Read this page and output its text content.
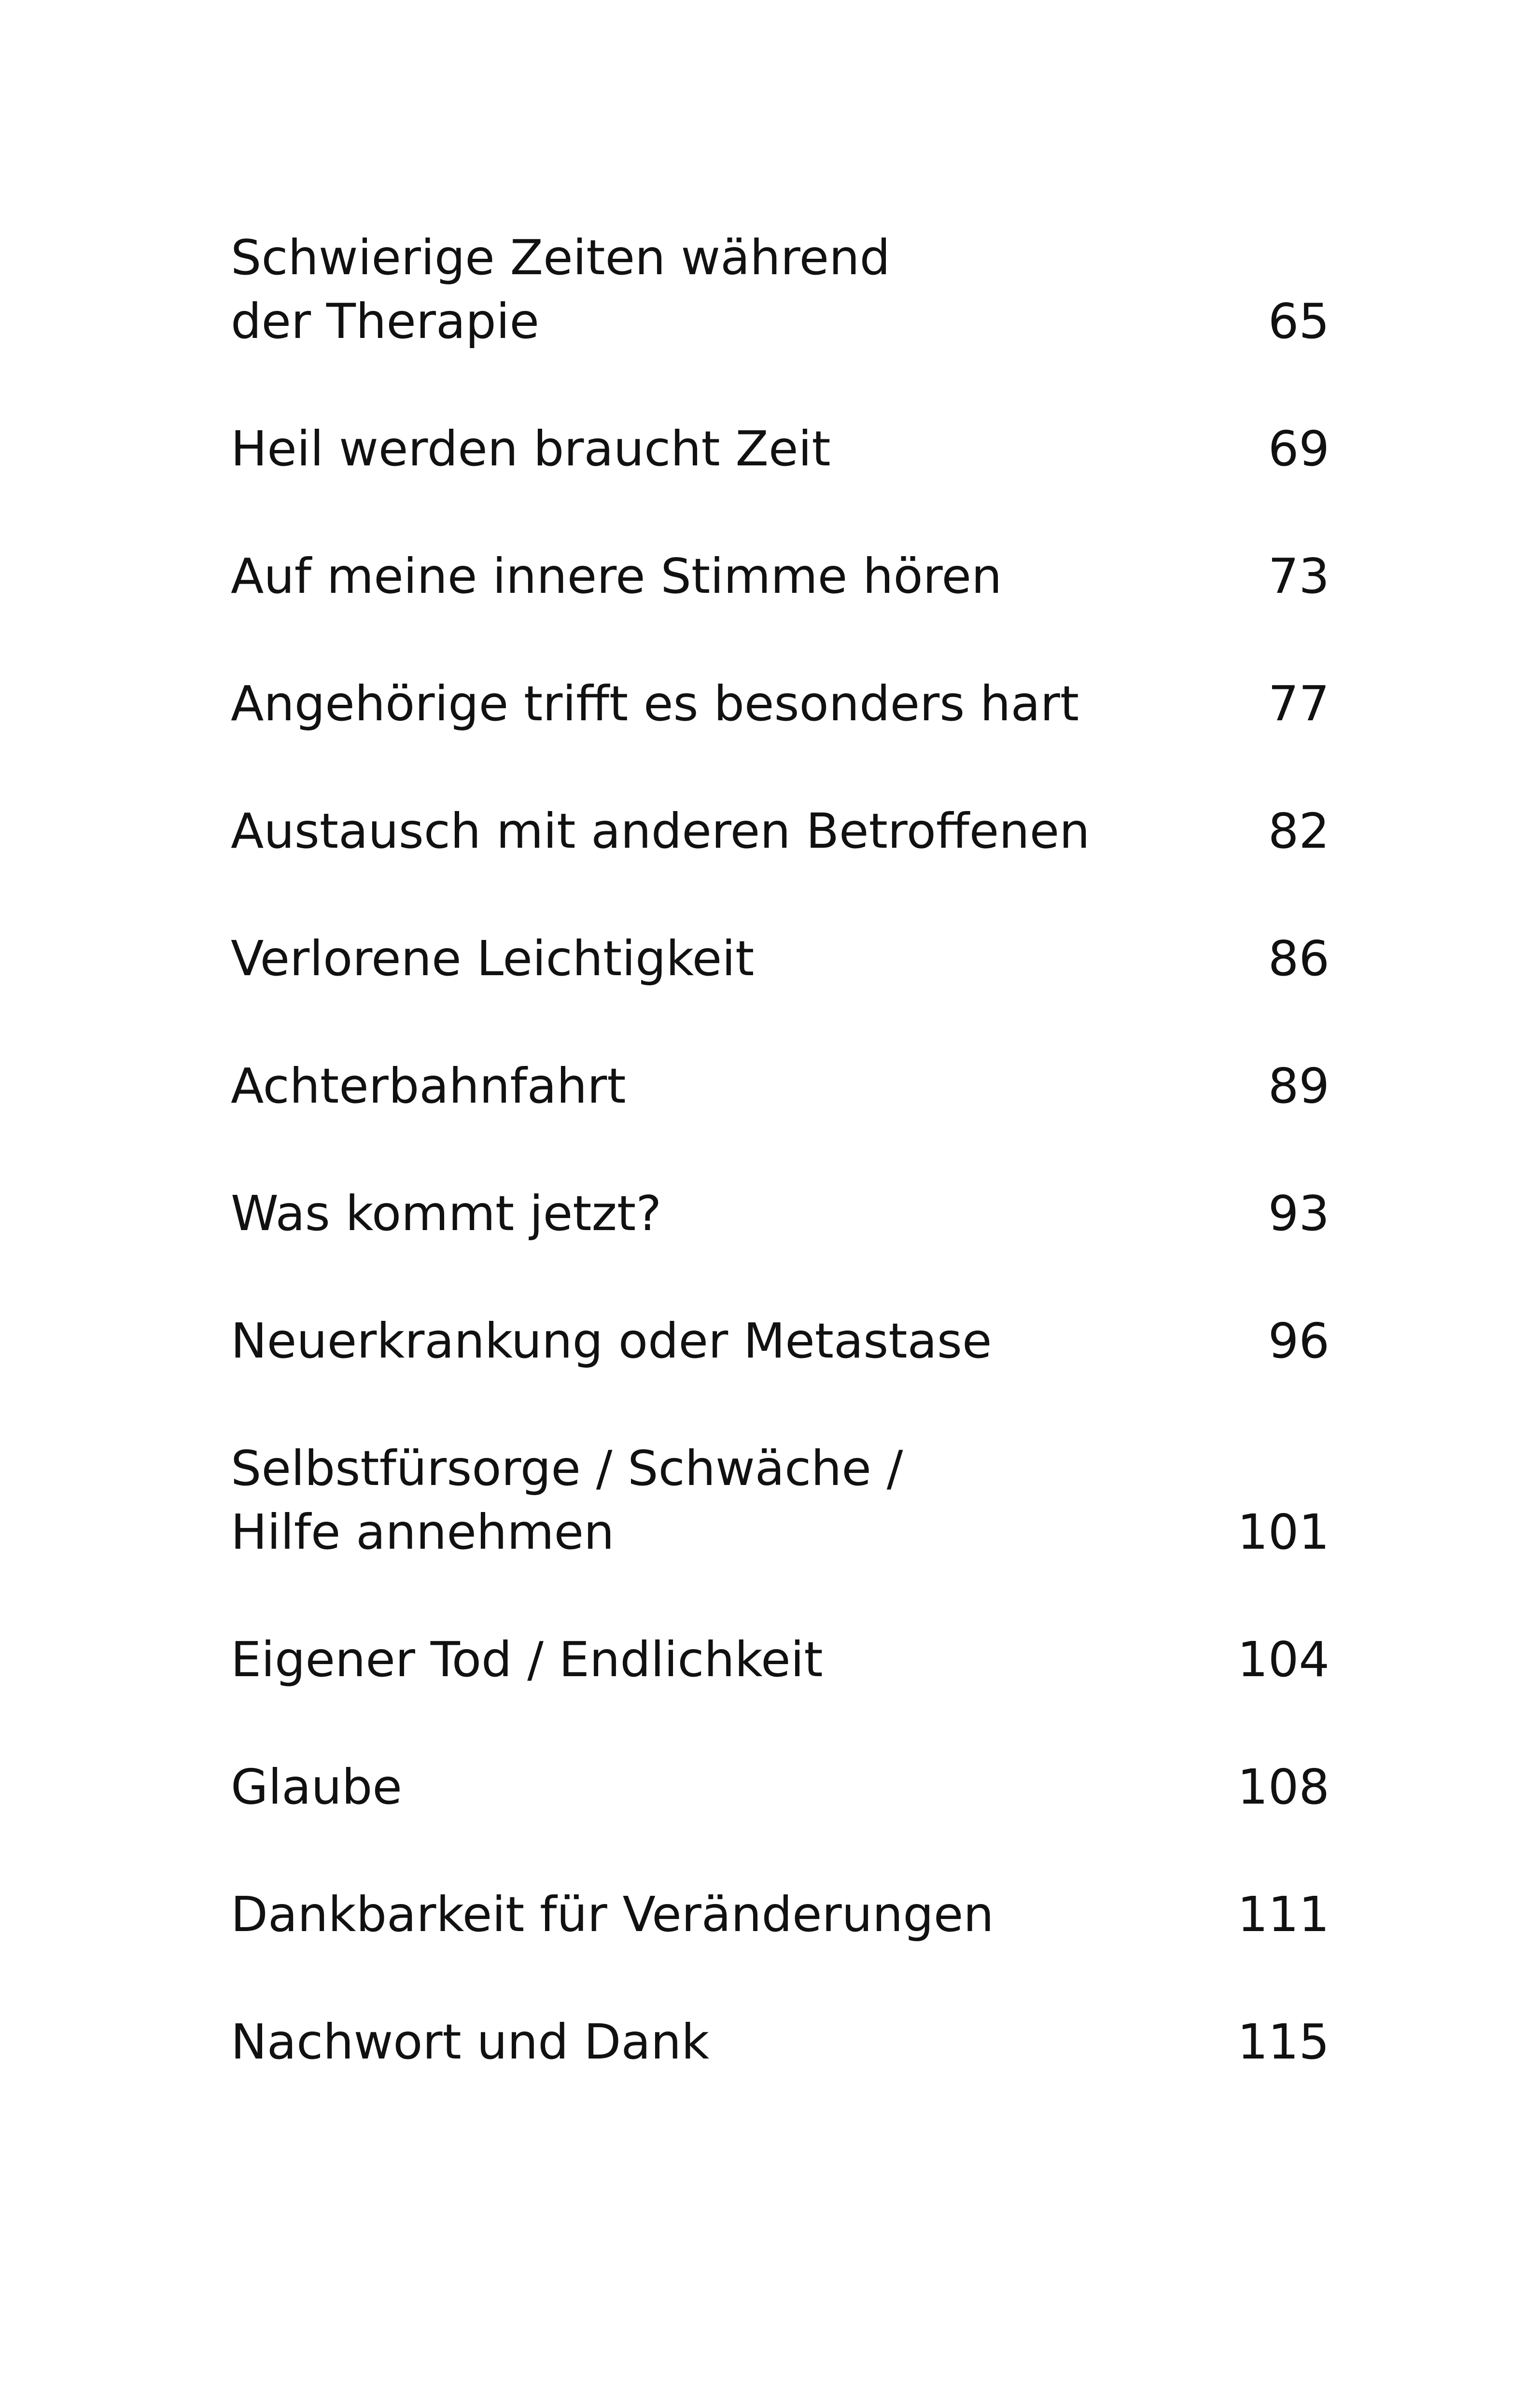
Schwierige Zeiten während
der Therapie	65
Heil werden braucht Zeit	69
Auf meine innere Stimme hören	73
Angehörige trifft es besonders hart	77
Austausch mit anderen Betroffenen	82
Verlorene Leichtigkeit	86
Achterbahnfahrt	89
Was kommt jetzt?	93
Neuerkrankung oder Metastase	96
Selbstfürsorge / Schwäche /
Hilfe annehmen	101
Eigener Tod / Endlichkeit	104
Glaube	108
Dankbarkeit für Veränderungen	111
Nachwort und Dank	115
